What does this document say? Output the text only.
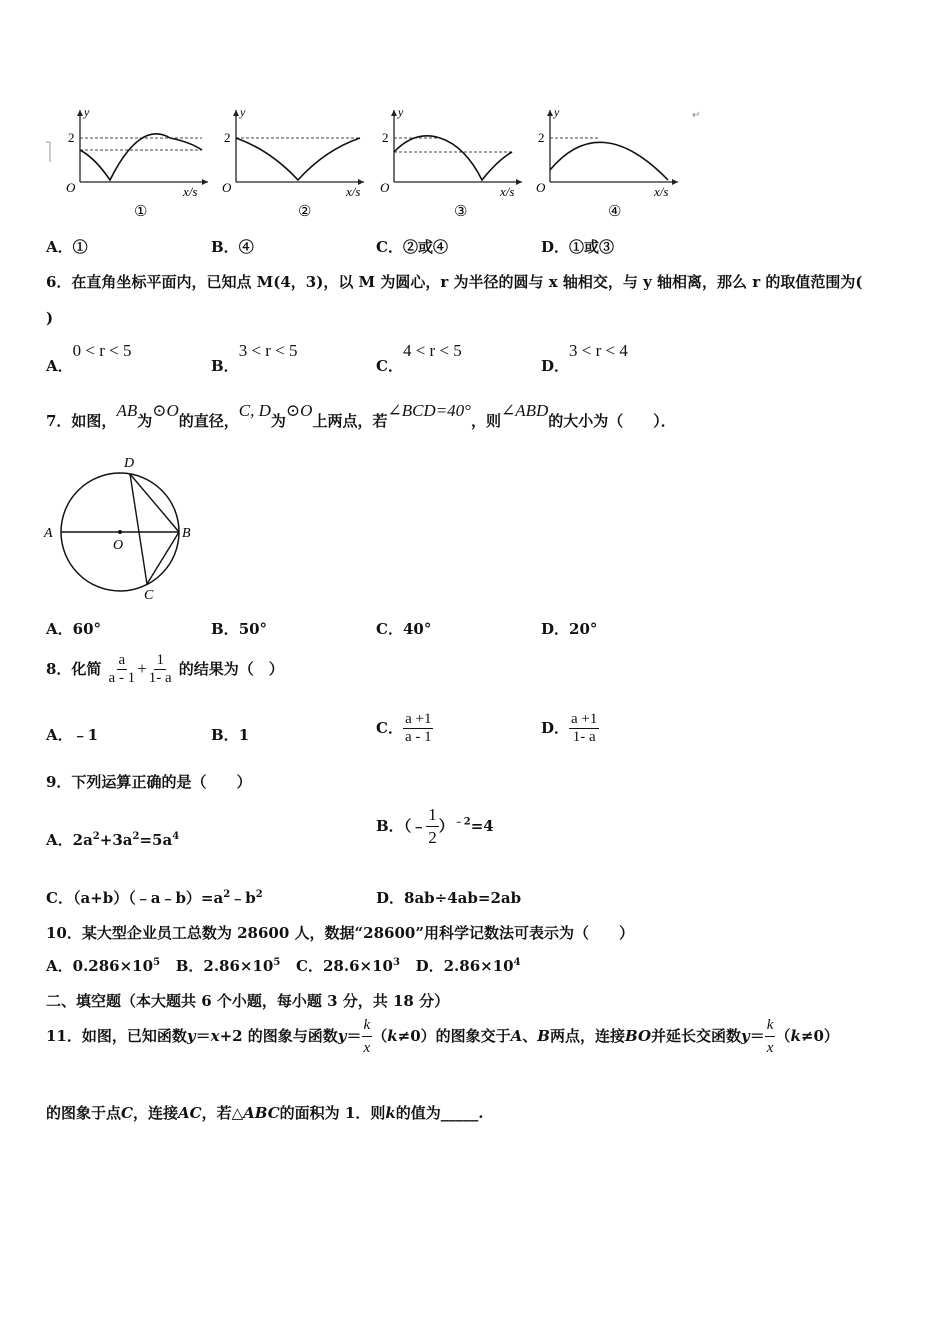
y
2
O	x/s
①
y
2
O	x/s
②
y
2
O	x/s
③
y
2
O	x/s
④
↵
A．①	B．④	C．②或④	D．①或③
6．在直角坐标平面内，已知点 M(4，3)，以 M 为圆心，r 为半径的圆与 x 轴相交，与 y 轴相离，那么 r 的取值范围为(
)
A．0 < r < 5
B．3 < r < 5
C．4 < r < 5
D．3 < r < 4
7．如图，AB为⊙O的直径，C, D为⊙O上两点，若∠BCD=40°，则∠ABD的大小为（　　）．
A	B
C
D
O
A．60°	B．50°	C．40°	D．20°
8．化简 $\frac{a}{a - 1} + \frac{1}{1- a}$ 的结果为（　）
A．﹣1	B．1	C． $\frac{a +1}{a - 1}$	D． $\frac{a +1}{1- a}$
9．下列运算正确的是（　　）
A．$2a^2+3a^2=5a^4$
B．（﹣ $\frac{1}{2} )^{﹣2}=4$
C．$(a+b)(﹣a﹣b)=a^2﹣b^2$	D．8ab÷4ab=2ab
10．某大型企业员工总数为 28600 人，数据“28600”用科学记数法可表示为（　　）
A．$0.286\times 10^5$ B．$2.86\times 10^5$ C．$28.6\times 10^3$ D．$2.86\times 10^4$
二、填空题（本大题共 6 个小题，每小题 3 分，共 18 分）
11．如图，已知函数y＝x+2 的图象与函数$y= \frac{k}{x} (k\ne 0)$的图象交于A、B两点，连接BO并延长交函数$y= \frac{k}{x} (k\ne 0)$
的图象于点C，连接AC，若△ABC的面积为 1．则k的值为_____.
